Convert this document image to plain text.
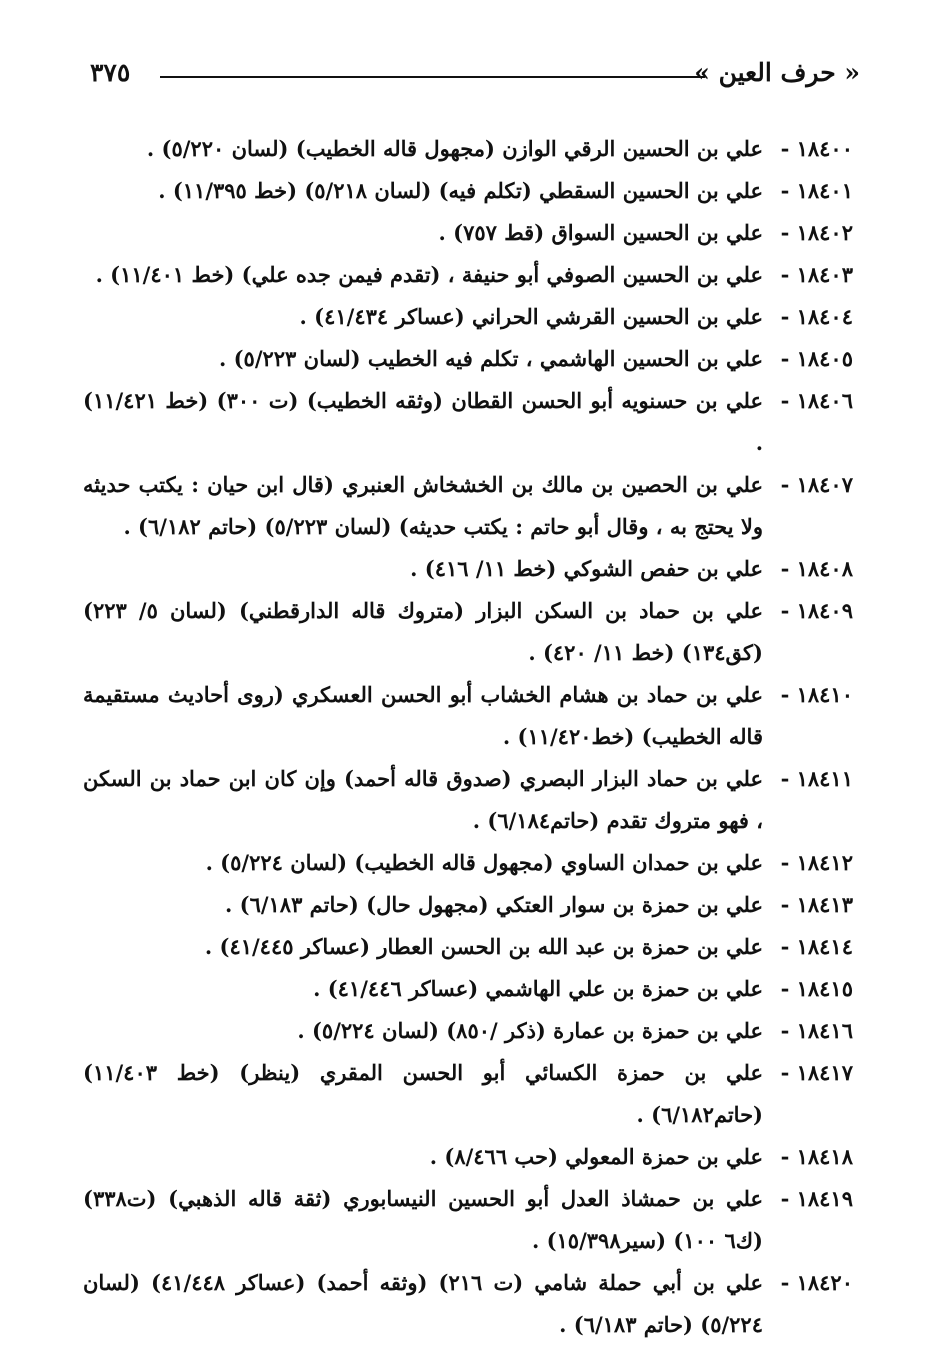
« حرف العين »
٣٧٥
١٨٤٠٠ -
علي بن الحسين الرقي الوازن (مجهول قاله الخطيب) (لسان ٥/٢٢٠) .
١٨٤٠١ -
علي بن الحسين السقطي (تكلم فيه) (لسان ٥/٢١٨) (خط ١١/٣٩٥) .
١٨٤٠٢ -
علي بن الحسين السواق (قط ٧٥٧) .
١٨٤٠٣ -
علي بن الحسين الصوفي أبو حنيفة ، (تقدم فيمن جده علي) (خط ١١/٤٠١) .
١٨٤٠٤ -
علي بن الحسين القرشي الحراني (عساكر ٤١/٤٣٤) .
١٨٤٠٥ -
علي بن الحسين الهاشمي ، تكلم فيه الخطيب (لسان ٥/٢٢٣) .
١٨٤٠٦ -
علي بن حسنويه أبو الحسن القطان (وثقه الخطيب) (ت ٣٠٠) (خط ١١/٤٢١) .
١٨٤٠٧ -
علي بن الحصين بن مالك بن الخشخاش العنبري (قال ابن حيان : يكتب حديثه ولا يحتج به ، وقال أبو حاتم : يكتب حديثه) (لسان ٥/٢٢٣) (حاتم ٦/١٨٢) .
١٨٤٠٨ -
علي بن حفص الشوكي (خط ١١/ ٤١٦) .
١٨٤٠٩ -
علي بن حماد بن السكن البزار (متروك قاله الدارقطني) (لسان ٥/ ٢٢٣) (كق١٣٤) (خط ١١/ ٤٢٠) .
١٨٤١٠ -
علي بن حماد بن هشام الخشاب أبو الحسن العسكري (روى أحاديث مستقيمة قاله الخطيب) (خط١١/٤٢٠) .
١٨٤١١ -
علي بن حماد البزار البصري (صدوق قاله أحمد) وإن كان ابن حماد بن السكن ، فهو متروك تقدم (حاتم٦/١٨٤) .
١٨٤١٢ -
علي بن حمدان الساوي (مجهول قاله الخطيب) (لسان ٥/٢٢٤) .
١٨٤١٣ -
علي بن حمزة بن سوار العتكي (مجهول حال) (حاتم ٦/١٨٣) .
١٨٤١٤ -
علي بن حمزة بن عبد الله بن الحسن العطار (عساكر ٤١/٤٤٥) .
١٨٤١٥ -
علي بن حمزة بن علي الهاشمي (عساكر ٤١/٤٤٦) .
١٨٤١٦ -
علي بن حمزة بن عمارة (ذكر /٨٥٠) (لسان ٥/٢٢٤) .
١٨٤١٧ -
علي بن حمزة الكسائي أبو الحسن المقري (ينظر) (خط ١١/٤٠٣) (حاتم٦/١٨٢) .
١٨٤١٨ -
علي بن حمزة المعولي (حب ٨/٤٦٦) .
١٨٤١٩ -
علي بن حمشاذ العدل أبو الحسين النيسابوري (ثقة قاله الذهبي) (ت٣٣٨) (ك٦ ١٠٠) (سير١٥/٣٩٨) .
١٨٤٢٠ -
علي بن أبي حملة شامي (ت ٢١٦) (وثقه أحمد) (عساكر ٤١/٤٤٨) (لسان ٥/٢٢٤) (حاتم ٦/١٨٣) .
